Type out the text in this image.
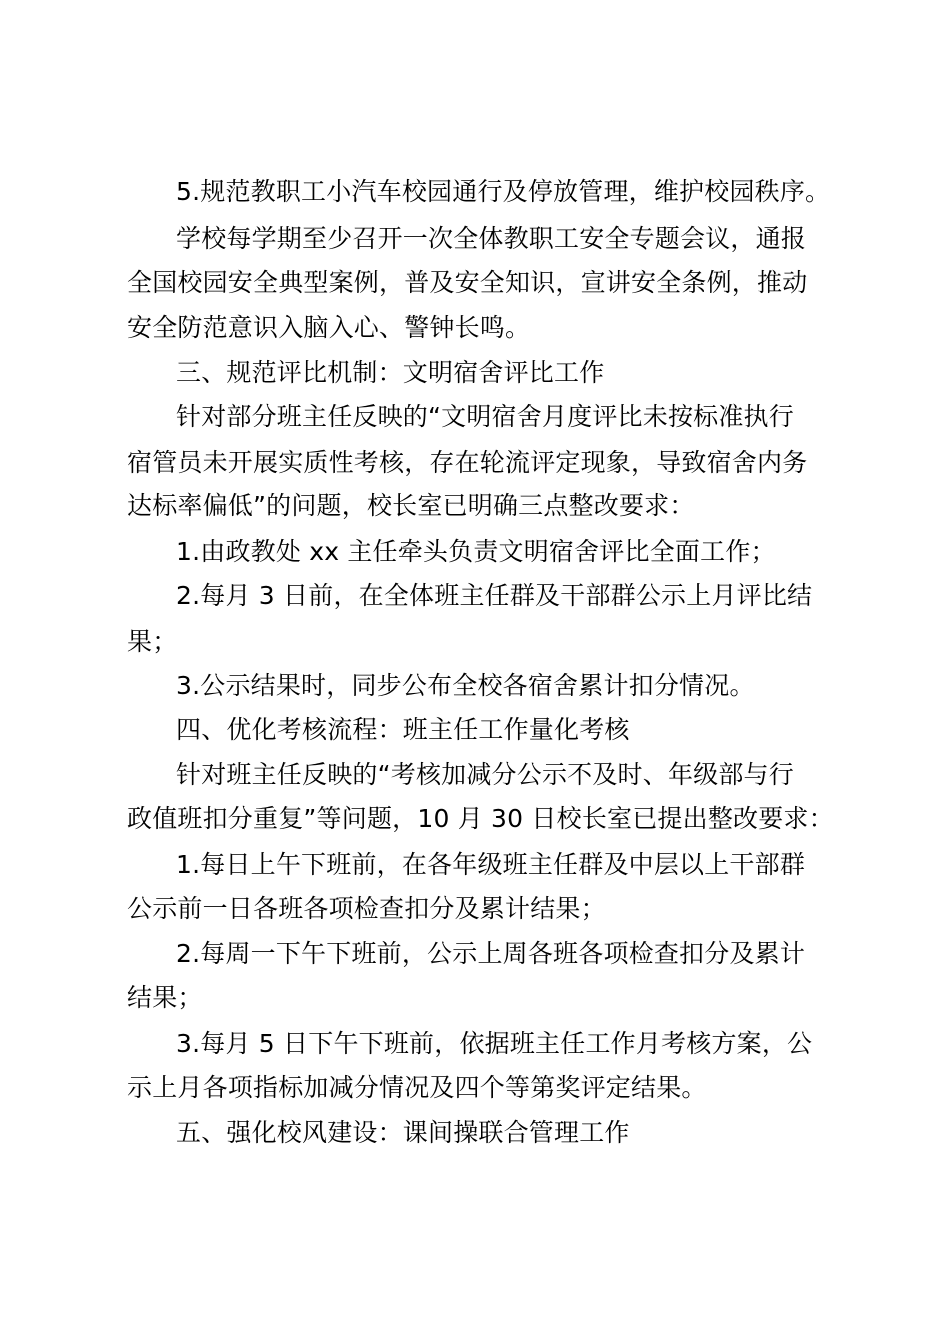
5.规范教职工小汽车校园通行及停放管理，维护校园秩序。
学校每学期至少召开一次全体教职工安全专题会议，通报
全国校园安全典型案例，普及安全知识，宣讲安全条例，推动
安全防范意识入脑入心、警钟长鸣。
三、规范评比机制：文明宿舍评比工作
针对部分班主任反映的“文明宿舍月度评比未按标准执行
宿管员未开展实质性考核，存在轮流评定现象，导致宿舍内务
达标率偏低”的问题，校长室已明确三点整改要求：
1.由政教处 xx 主任牵头负责文明宿舍评比全面工作；
2.每月 3 日前，在全体班主任群及干部群公示上月评比结
果；
3.公示结果时，同步公布全校各宿舍累计扣分情况。
四、优化考核流程：班主任工作量化考核
针对班主任反映的“考核加减分公示不及时、年级部与行
政值班扣分重复”等问题，10 月 30 日校长室已提出整改要求：
1.每日上午下班前，在各年级班主任群及中层以上干部群
公示前一日各班各项检查扣分及累计结果；
2.每周一下午下班前，公示上周各班各项检查扣分及累计
结果；
3.每月 5 日下午下班前，依据班主任工作月考核方案，公
示上月各项指标加减分情况及四个等第奖评定结果。
五、强化校风建设：课间操联合管理工作
